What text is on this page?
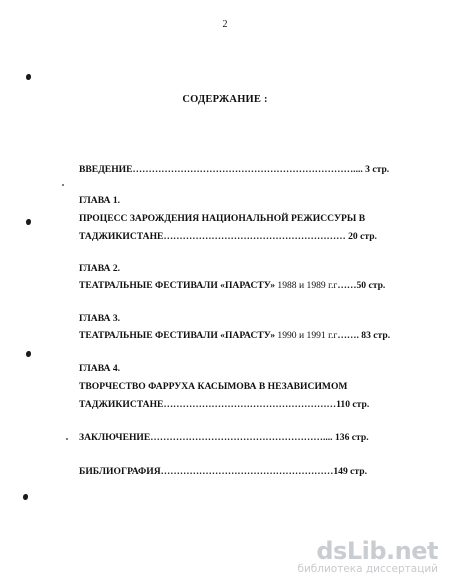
2
СОДЕРЖАНИЕ :
ВВЕДЕНИЕ…………………………………………………………….... 3 стр.
ГЛАВА 1.
ПРОЦЕСС ЗАРОЖДЕНИЯ НАЦИОНАЛЬНОЙ РЕЖИССУРЫ В
ТАДЖИКИСТАНЕ………………………………………………… 20 стр.
ГЛАВА 2.
ТЕАТРАЛЬНЫЕ ФЕСТИВАЛИ «ПАРАСТУ» 1988 и 1989 г.г……50 стр.
ГЛАВА 3.
ТЕАТРАЛЬНЫЕ ФЕСТИВАЛИ «ПАРАСТУ» 1990 и 1991 г.г……. 83 стр.
ГЛАВА 4.
ТВОРЧЕСТВО ФАРРУХА КАСЫМОВА В НЕЗАВИСИМОМ
ТАДЖИКИСТАНЕ………………………………………………110 стр.
ЗАКЛЮЧЕНИЕ……………………………………………….... 136 стр.
БИБЛИОГРАФИЯ………………………………………………149 стр.
dsLib.net
библиотека диссертаций
